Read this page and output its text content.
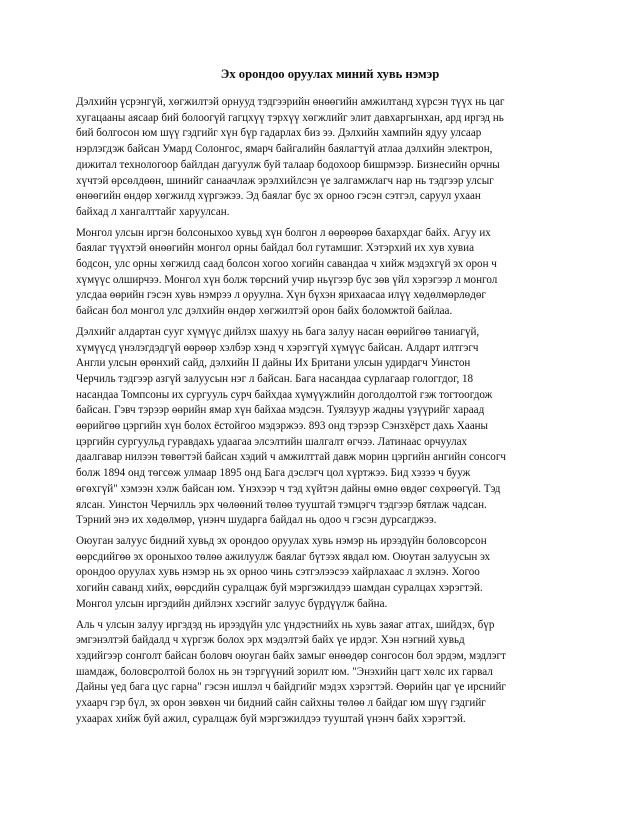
Эх орондоо оруулах миний хувь нэмэр

Дэлхийн үсрэнгүй, хөгжилтэй орнууд тэдгээрийн өнөөгийн амжилтанд хүрсэн түүх нь цаг
хугацааны аясаар бий болоогүй гагцхүү тэрхүү хөгжлийг элит давхаргынхан, ард иргэд нь
бий болгосон юм шүү гэдгийг хүн бүр гадарлах биз ээ. Дэлхийн хампийн ядуу улсаар
нэрлэгдэж байсан Умард Солонгос, ямарч байгалийн баялагтүй атлаа дэлхийн электрон,
дижитал технологоор байлдан дагуулж буй талаар бодохоор бишрмээр. Бизнесийн орчны
хүчтэй өрсөлдөөн, шинийг санаачлаж эрэлхийлсэн үе залгамжлагч нар нь тэдгээр улсыг
өнөөгийн өндөр хөгжилд хүргэжээ. Эд баялаг бус эх орноо гэсэн сэтгэл, саруул ухаан
байхад л хангалттайг харуулсан.

Монгол улсын иргэн болсоныхоо хувьд хүн болгон л өөрөөрөө бахархдаг байх. Агуу их
баялаг түүхтэй өнөөгийн монгол орны байдал бол гутамшиг. Хэтэрхий их хув хувиа
бодсон, улс орны хөгжилд саад болсон хогоо хогийн савандаа ч хийж мэдэхгүй эх орон ч
хүмүүс олширчээ. Монгол хүн болж төрсний учир ньүгээр бус зөв үйл хэрэгээр л монгол
улсдаа өөрийн гэсэн хувь нэмрээ л оруулна. Хүн бүхэн ярихаасаа илүү хөдөлмөрлөдөг
байсан бол монгол улс дэлхийн өндөр хөгжилтэй орон байх боломжтой байлаа.

Дэлхийг алдартан сууг хүмүүс дийлэх шахуу нь бага залуу насан өөрийгөө таниагүй,
хүмүүсд үнэлэгдэдгүй өөрөөр хэлбэр хэнд ч хэрэггүй хүмүүс байсан. Алдарт илтгэгч
Англи улсын өрөнхий сайд, дэлхийн II дайны Их Британи улсын удирдагч Уинстон
Черчиль тэдгээр азгүй залуусын нэг л байсан. Бага насандаа сурлагаар гологгдог, 18
насандаа Томпсоны их сургууль сурч байхдаа хүмүүжлийн доголдолтой гэж тогтоогдож
байсан. Гэвч тэрээр өөрийн ямар хүн байхаа мэдсэн. Туялзуур жадны үзүүрийг хараад
өөрийгөө цэргийн хүн болох ёстойгоо мэдэржээ. 893 онд тэрээр Сэнзхёрст дахь Хааны
цэргийн сургуульд гуравдахь удаагаа элсэлтийн шалгалт өгчээ. Латинаас орчуулах
даалгавар нилээн төвөгтэй байсан хэдий ч амжилттай давж морин цэргийн ангийн сонсогч
болж 1894 онд төгсөж улмаар 1895 онд Бага дэслэгч цол хүртжээ. Бид хэзээ ч бууж
өгөхгүй" хэмээн хэлж байсан юм. Үнэхээр ч тэд хүйтэн дайны өмнө өвдөг сөхрөөгүй. Тэд
ялсан. Уинстон Черчилль эрх чөлөөний төлөө тууштай тэмцэгч тэдгээр бятлаж чадсан.
Тэрний энэ их хөдөлмөр, үнэнч шударга байдал нь одоо ч гэсэн дурсагджээ.

Оюуган залуус бидний хувьд эх орондоо оруулах хувь нэмэр нь ирээдүйн боловсорсон
өөрсдийгөө эх ороныхоо төлөө ажилуулж баялаг бүтээх явдал юм. Оюутан залуусын эх
орондоо оруулах хувь нэмэр нь эх орноо чинь сэтгэлээсээ хайрлахаас л эхлэнэ. Хогоо
хогийн саванд хийх, өөрсдийн суралцаж буй мэргэжилдээ шамдан суралцах хэрэгтэй.
Монгол улсын иргэдийн дийлэнх хэсгийг залуус бүрдүүлж байна.

Аль ч улсын залуу иргэдэд нь ирээдүйн улс үндэстнийх нь хувь заяаг атгах, шийдэх, бүр
эмгэнэлтэй байдалд ч хүргэж болох эрх мэдэлтэй байх үе ирдэг. Хэн нэгний хувьд
хэдийгээр сонголт байсан боловч оюуган байх замыг өнөөдөр сонгосон бол эрдэм, мэдлэгт
шамдаж, боловсролтой болох нь эн тэргүүний зорилт юм. "Энэхийн цагт хөлс их гарвал
Дайны үед бага цус гарна" гэсэн ишлэл ч байдгийг мэдэх хэрэгтэй. Өөрийн цаг үе ирснийг
ухаарч гэр бүл, эх орон зөвхөн чи бидний сайн сайхны төлөө л байдаг юм шүү гэдгийг
ухаарах хийж буй ажил, суралцаж буй мэргэжилдээ тууштай үнэнч байх хэрэгтэй.
